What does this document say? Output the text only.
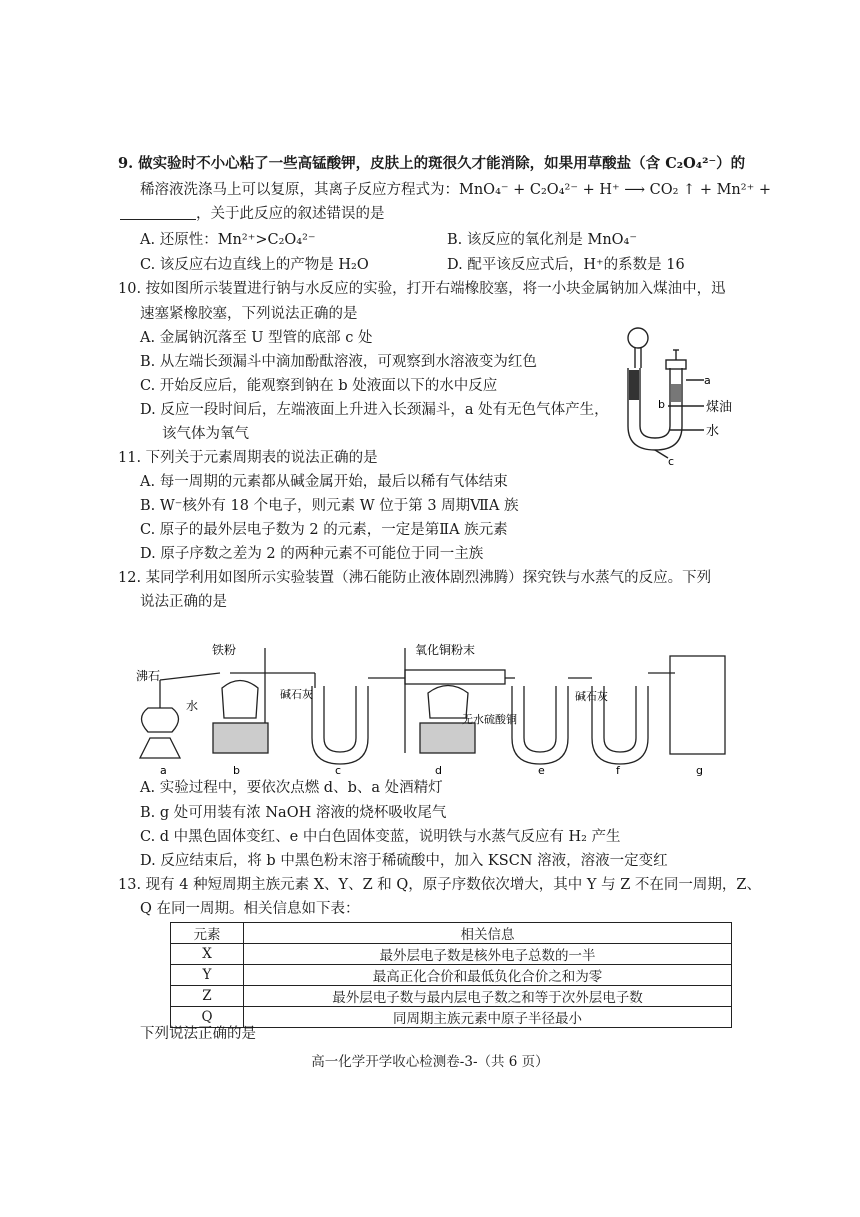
9. 做实验时不小心粘了一些高锰酸钾，皮肤上的斑很久才能消除，如果用草酸盐（含 C₂O₄²⁻）的
稀溶液洗涤马上可以复原，其离子反应方程式为：MnO₄⁻ + C₂O₄²⁻ + H⁺ ⟶ CO₂ ↑ + Mn²⁺ +
，关于此反应的叙述错误的是
A. 还原性：Mn²⁺>C₂O₄²⁻	B. 该反应的氧化剂是 MnO₄⁻
C. 该反应右边直线上的产物是 H₂O	D. 配平该反应式后，H⁺的系数是 16
10. 按如图所示装置进行钠与水反应的实验，打开右端橡胶塞，将一小块金属钠加入煤油中，迅
速塞紧橡胶塞，下列说法正确的是
A. 金属钠沉落至 U 型管的底部 c 处
B. 从左端长颈漏斗中滴加酚酞溶液，可观察到水溶液变为红色
C. 开始反应后，能观察到钠在 b 处液面以下的水中反应
D. 反应一段时间后，左端液面上升进入长颈漏斗，a 处有无色气体产生，
该气体为氧气
a
b	煤油
水
c
11. 下列关于元素周期表的说法正确的是
A. 每一周期的元素都从碱金属开始，最后以稀有气体结束
B. W⁻核外有 18 个电子，则元素 W 位于第 3 周期ⅦA 族
C. 原子的最外层电子数为 2 的元素，一定是第ⅡA 族元素
D. 原子序数之差为 2 的两种元素不可能位于同一主族
12. 某同学利用如图所示实验装置（沸石能防止液体剧烈沸腾）探究铁与水蒸气的反应。下列
说法正确的是
沸石
水
铁粉
碱石灰
氧化铜粉末
无水硫酸铜
碱石灰
a	b	c	d	e	f	g
A. 实验过程中，要依次点燃 d、b、a 处酒精灯
B. g 处可用装有浓 NaOH 溶液的烧杯吸收尾气
C. d 中黑色固体变红、e 中白色固体变蓝，说明铁与水蒸气反应有 H₂ 产生
D. 反应结束后，将 b 中黑色粉末溶于稀硫酸中，加入 KSCN 溶液，溶液一定变红
13. 现有 4 种短周期主族元素 X、Y、Z 和 Q，原子序数依次增大，其中 Y 与 Z 不在同一周期，Z、
Q 在同一周期。相关信息如下表：
元素	相关信息
X	最外层电子数是核外电子总数的一半
Y	最高正化合价和最低负化合价之和为零
Z	最外层电子数与最内层电子数之和等于次外层电子数
Q	同周期主族元素中原子半径最小
下列说法正确的是
高一化学开学收心检测卷-3-（共 6 页）
